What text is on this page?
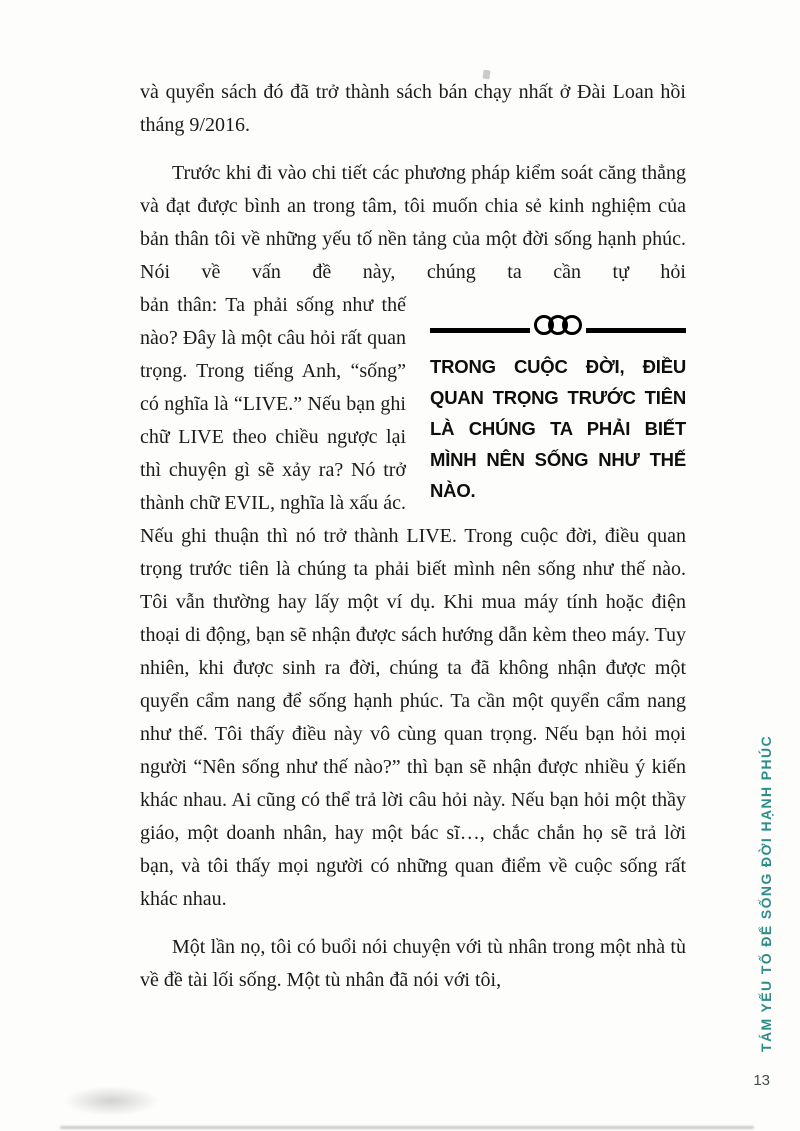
và quyển sách đó đã trở thành sách bán chạy nhất ở Đài Loan hồi tháng 9/2016.

Trước khi đi vào chi tiết các phương pháp kiểm soát căng thẳng và đạt được bình an trong tâm, tôi muốn chia sẻ kinh nghiệm của bản thân tôi về những yếu tố nền tảng của một đời sống hạnh phúc. Nói về vấn đề này, chúng ta cần tự hỏi

TRONG CUỘC ĐỜI, ĐIỀU QUAN TRỌNG TRƯỚC TIÊN LÀ CHÚNG TA PHẢI BIẾT MÌNH NÊN SỐNG NHƯ THẾ NÀO.

bản thân: Ta phải sống như thế nào? Đây là một câu hỏi rất quan trọng. Trong tiếng Anh, “sống” có nghĩa là “LIVE.” Nếu bạn ghi chữ LIVE theo chiều ngược lại thì chuyện gì sẽ xảy ra? Nó trở thành chữ EVIL, nghĩa là xấu ác. Nếu ghi thuận thì nó trở thành LIVE. Trong cuộc đời, điều quan trọng trước tiên là chúng ta phải biết mình nên sống như thế nào. Tôi vẫn thường hay lấy một ví dụ. Khi mua máy tính hoặc điện thoại di động, bạn sẽ nhận được sách hướng dẫn kèm theo máy. Tuy nhiên, khi được sinh ra đời, chúng ta đã không nhận được một quyển cẩm nang để sống hạnh phúc. Ta cần một quyển cẩm nang như thế. Tôi thấy điều này vô cùng quan trọng. Nếu bạn hỏi mọi người “Nên sống như thế nào?” thì bạn sẽ nhận được nhiều ý kiến khác nhau. Ai cũng có thể trả lời câu hỏi này. Nếu bạn hỏi một thầy giáo, một doanh nhân, hay một bác sĩ…, chắc chắn họ sẽ trả lời bạn, và tôi thấy mọi người có những quan điểm về cuộc sống rất khác nhau.

Một lần nọ, tôi có buổi nói chuyện với tù nhân trong một nhà tù về đề tài lối sống. Một tù nhân đã nói với tôi,	TÁM YẾU TỐ ĐỂ SỐNG ĐỜI HẠNH PHÚC
13
